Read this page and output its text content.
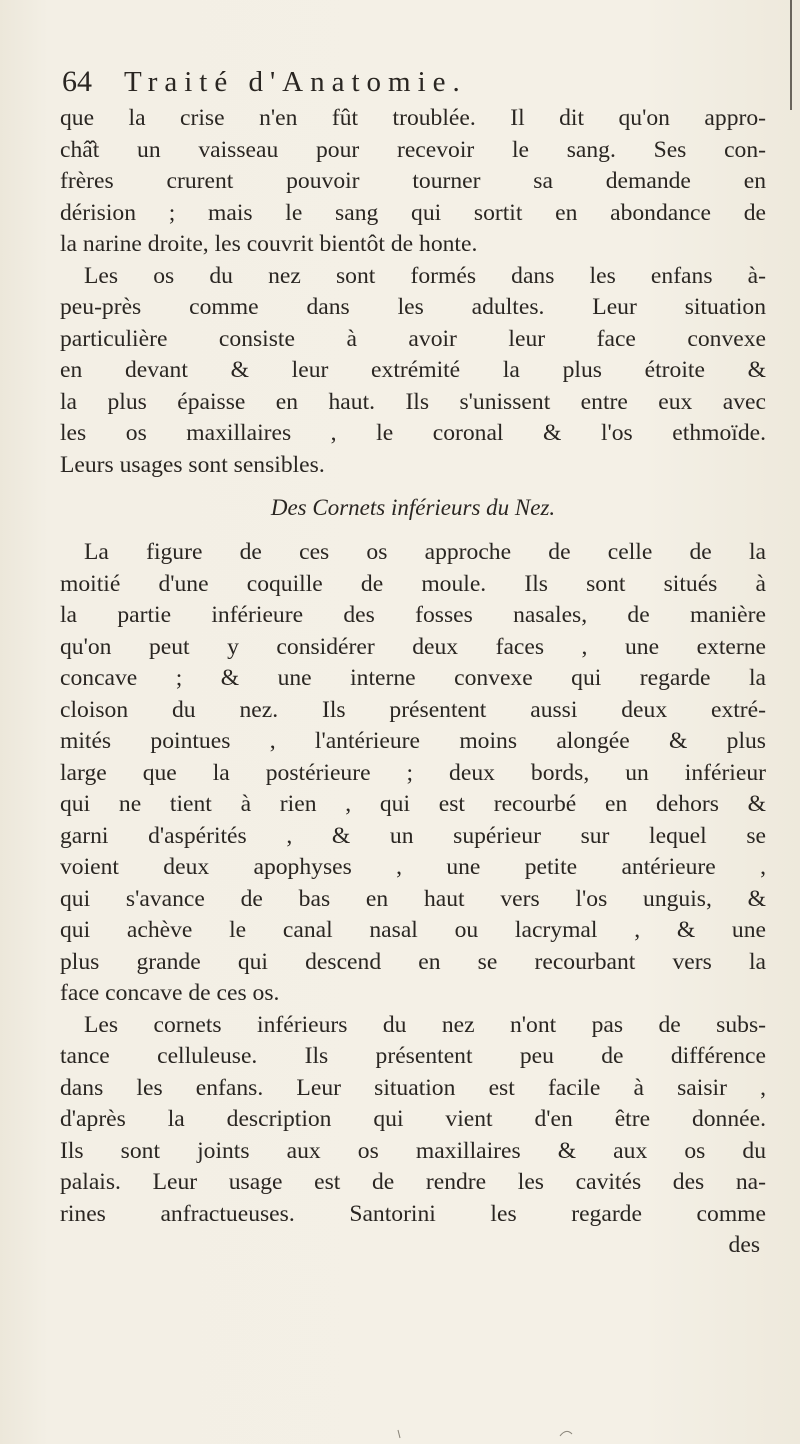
64 Traité d'Anatomie.
que la crise n'en fût troublée. Il dit qu'on appro-
châ̂t un vaisseau pour recevoir le sang. Ses con-
frères crurent pouvoir tourner sa demande en
dérision ; mais le sang qui sortit en abondance de
la narine droite, les couvrit bientôt de honte.
Les os du nez sont formés dans les enfans à-
peu-près comme dans les adultes. Leur situation
particulière consiste à avoir leur face convexe
en devant & leur extrémité la plus étroite &
la plus épaisse en haut. Ils s'unissent entre eux avec
les os maxillaires , le coronal & l'os ethmoïde.
Leurs usages sont sensibles.
Des Cornets inférieurs du Nez.
La figure de ces os approche de celle de la
moitié d'une coquille de moule. Ils sont situés à
la partie inférieure des fosses nasales, de manière
qu'on peut y considérer deux faces , une externe
concave ; & une interne convexe qui regarde la
cloison du nez. Ils présentent aussi deux extré-
mités pointues , l'antérieure moins alongée & plus
large que la postérieure ; deux bords, un inférieur
qui ne tient à rien , qui est recourbé en dehors &
garni d'aspérités , & un supérieur sur lequel se
voient deux apophyses , une petite antérieure ,
qui s'avance de bas en haut vers l'os unguis, &
qui achève le canal nasal ou lacrymal , & une
plus grande qui descend en se recourbant vers la
face concave de ces os.
Les cornets inférieurs du nez n'ont pas de subs-
tance celluleuse. Ils présentent peu de différence
dans les enfans. Leur situation est facile à saisir ,
d'après la description qui vient d'en être donnée.
Ils sont joints aux os maxillaires & aux os du
palais. Leur usage est de rendre les cavités des na-
rines anfractueuses. Santorini les regarde comme
des
